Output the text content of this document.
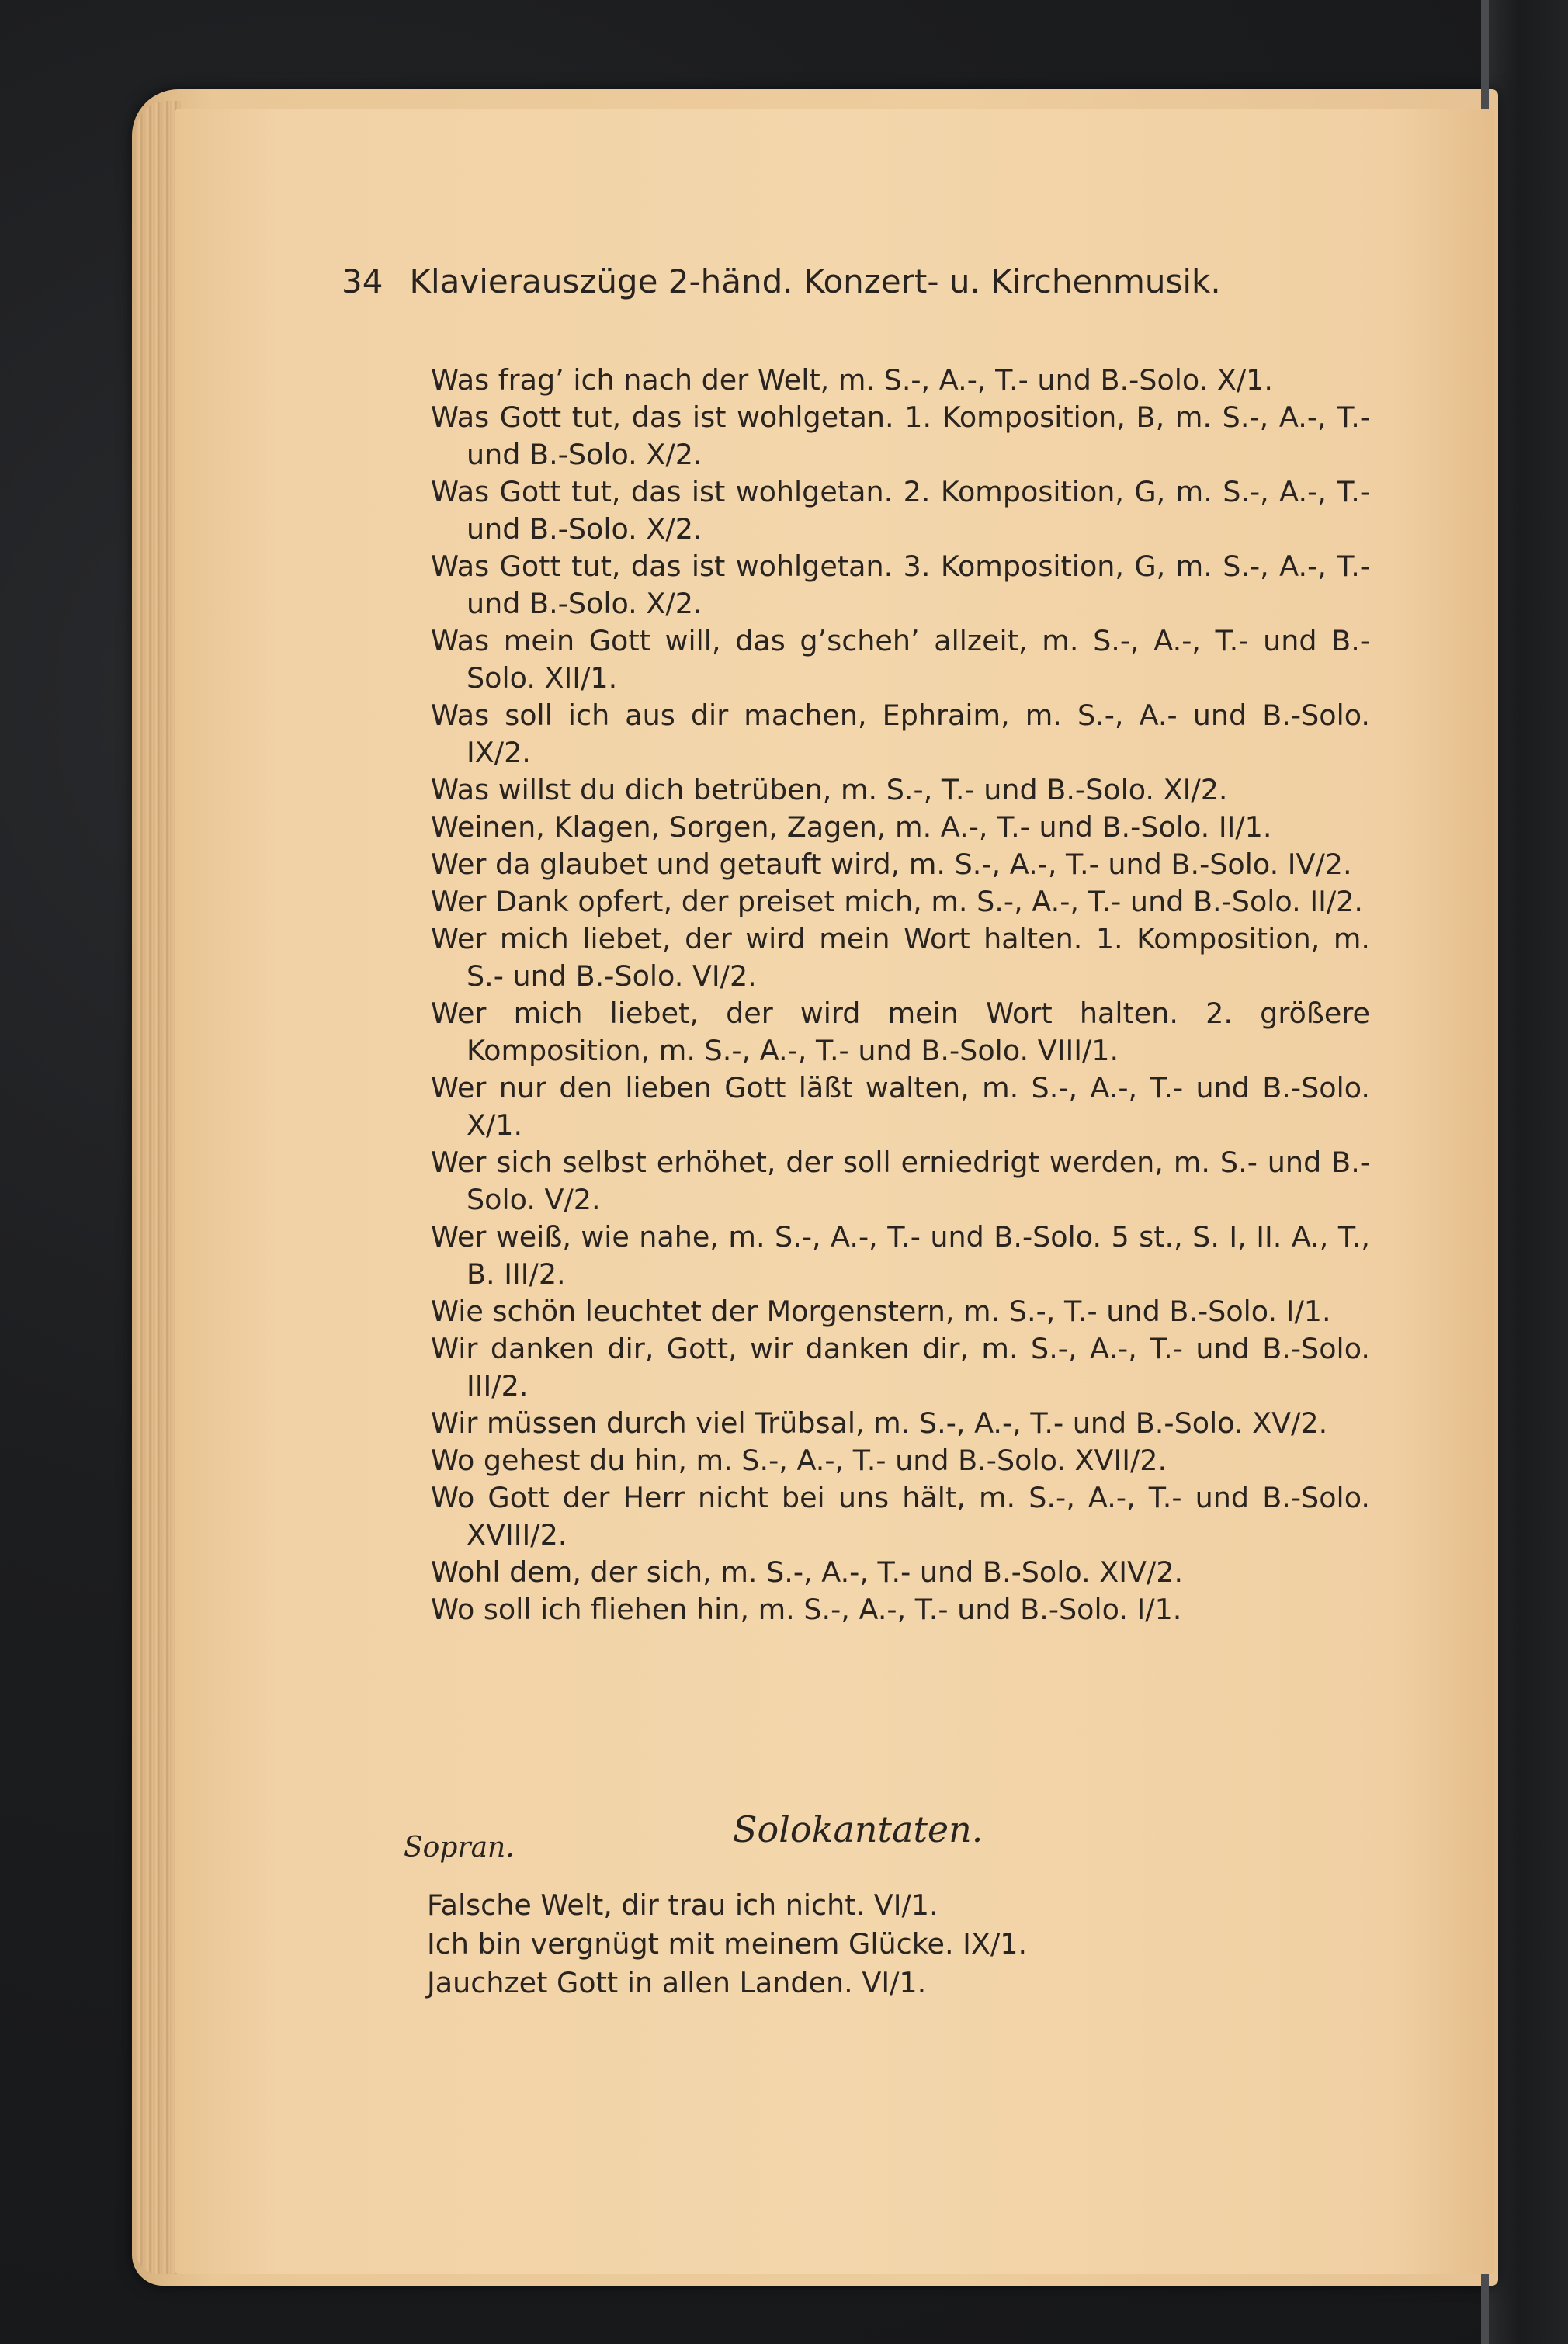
34 Klavierauszüge 2-händ. Konzert- u. Kirchenmusik.

Was frag’ ich nach der Welt, m. S.-, A.-, T.- und B.-Solo. X/1.

Was Gott tut, das ist wohlgetan. 1. Komposition, B, m. S.-, A.-, T.- und B.-Solo. X/2.

Was Gott tut, das ist wohlgetan. 2. Komposition, G, m. S.-, A.-, T.- und B.-Solo. X/2.

Was Gott tut, das ist wohlgetan. 3. Komposition, G, m. S.-, A.-, T.- und B.-Solo. X/2.

Was mein Gott will, das g’scheh’ allzeit, m. S.-, A.-, T.- und B.-Solo. XII/1.

Was soll ich aus dir machen, Ephraim, m. S.-, A.- und B.-Solo. IX/2.

Was willst du dich betrüben, m. S.-, T.- und B.-Solo. XI/2.

Weinen, Klagen, Sorgen, Zagen, m. A.-, T.- und B.-Solo. II/1.

Wer da glaubet und getauft wird, m. S.-, A.-, T.- und B.-Solo. IV/2.

Wer Dank opfert, der preiset mich, m. S.-, A.-, T.- und B.-Solo. II/2.

Wer mich liebet, der wird mein Wort halten. 1. Komposition, m. S.- und B.-Solo. VI/2.

Wer mich liebet, der wird mein Wort halten. 2. größere Komposition, m. S.-, A.-, T.- und B.-Solo. VIII/1.

Wer nur den lieben Gott läßt walten, m. S.-, A.-, T.- und B.-Solo. X/1.

Wer sich selbst erhöhet, der soll erniedrigt werden, m. S.- und B.-Solo. V/2.

Wer weiß, wie nahe, m. S.-, A.-, T.- und B.-Solo. 5 st., S. I, II. A., T., B. III/2.

Wie schön leuchtet der Morgenstern, m. S.-, T.- und B.-Solo. I/1.

Wir danken dir, Gott, wir danken dir, m. S.-, A.-, T.- und B.-Solo. III/2.

Wir müssen durch viel Trübsal, m. S.-, A.-, T.- und B.-Solo. XV/2.

Wo gehest du hin, m. S.-, A.-, T.- und B.-Solo. XVII/2.

Wo Gott der Herr nicht bei uns hält, m. S.-, A.-, T.- und B.-Solo. XVIII/2.

Wohl dem, der sich, m. S.-, A.-, T.- und B.-Solo. XIV/2.

Wo soll ich fliehen hin, m. S.-, A.-, T.- und B.-Solo. I/1.

Sopran.	Solokantaten.

Falsche Welt, dir trau ich nicht. VI/1.

Ich bin vergnügt mit meinem Glücke. IX/1.

Jauchzet Gott in allen Landen. VI/1.
